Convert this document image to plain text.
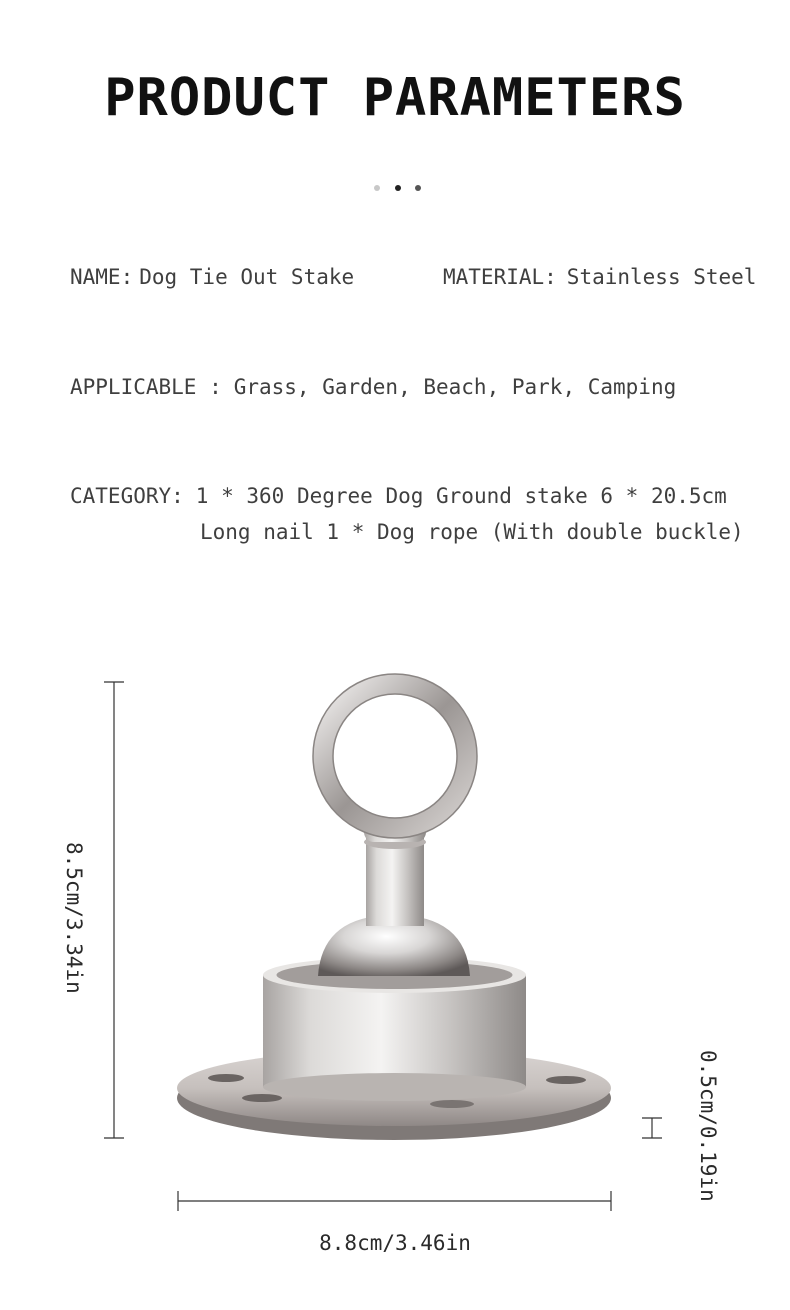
PRODUCT PARAMETERS
NAME: Dog Tie Out Stake	MATERIAL: Stainless Steel
APPLICABLE : Grass, Garden, Beach, Park, Camping
CATEGORY: 1 * 360 Degree Dog Ground stake 6 * 20.5cm
Long nail 1 * Dog rope (With double buckle)
S304
8.5cm/3.34in
0.5cm/0.19in
8.8cm/3.46in
